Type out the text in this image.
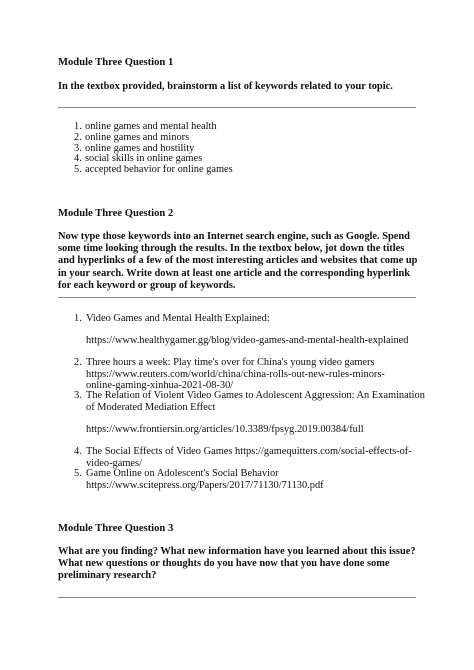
Module Three Question 1
In the textbox provided, brainstorm a list of keywords related to your topic.
1. online games and mental health
2. online games and minors
3. online games and hostility
4. social skills in online games
5. accepted behavior for online games
Module Three Question 2
Now type those keywords into an Internet search engine, such as Google. Spend some time looking through the results. In the textbox below, jot down the titles and hyperlinks of a few of the most interesting articles and websites that come up in your search. Write down at least one article and the corresponding hyperlink for each keyword or group of keywords.
1. Video Games and Mental Health Explained:
2. Three hours a week: Play time's over for China's young video gamers https://www.reuters.com/world/china/china-rolls-out-new-rules-minors-online-gaming-xinhua-2021-08-30/
3. The Relation of Violent Video Games to Adolescent Aggression: An Examination of Moderated Mediation Effect
4. The Social Effects of Video Games https://gamequitters.com/social-effects-of-video-games/
5. Game Online on Adolescent's Social Behavior https://www.scitepress.org/Papers/2017/71130/71130.pdf
https://www.healthygamer.gg/blog/video-games-and-mental-health-explained
https://www.frontiersin.org/articles/10.3389/fpsyg.2019.00384/full
Module Three Question 3
What are you finding? What new information have you learned about this issue? What new questions or thoughts do you have now that you have done some preliminary research?
